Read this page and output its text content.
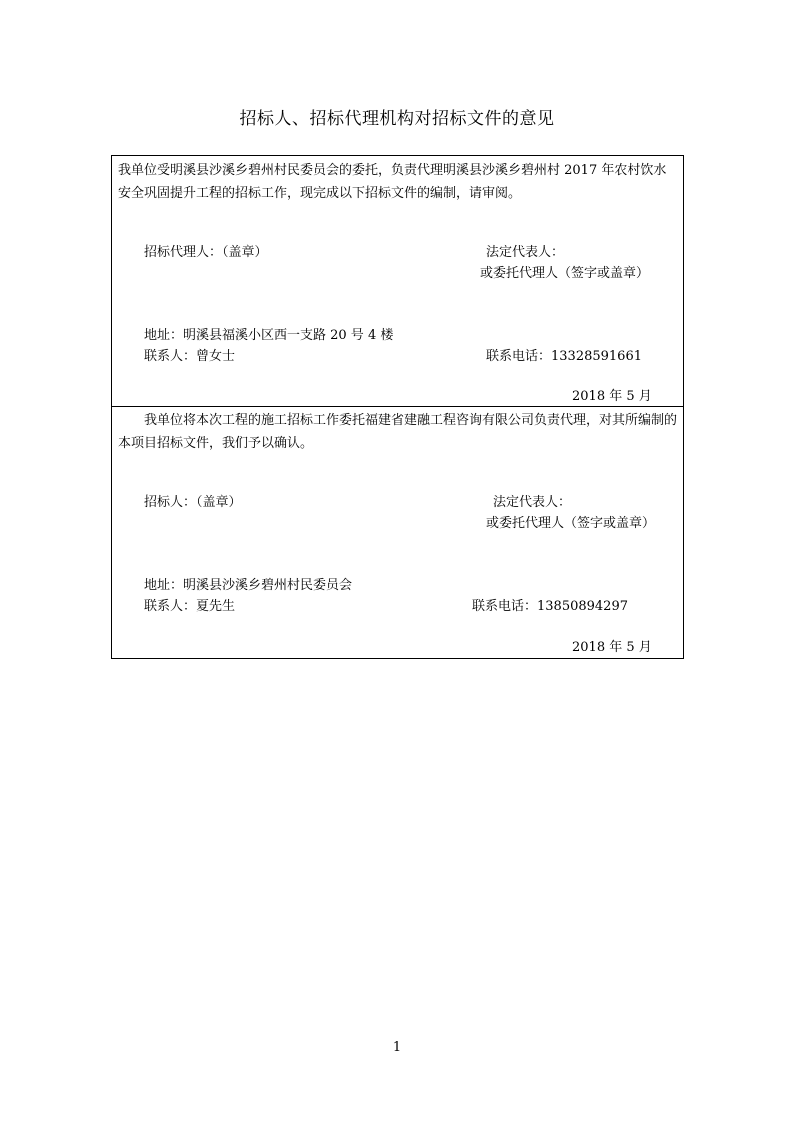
招标人、招标代理机构对招标文件的意见
我单位受明溪县沙溪乡碧州村民委员会的委托，负责代理明溪县沙溪乡碧州村 2017 年农村饮水安全巩固提升工程的招标工作，现完成以下招标文件的编制，请审阅。
招标代理人：（盖章）	法定代表人：
或委托代理人（签字或盖章）
地址：明溪县福溪小区西一支路 20 号 4 楼
联系人：曾女士	联系电话：13328591661
2018 年 5 月
我单位将本次工程的施工招标工作委托福建省建融工程咨询有限公司负责代理，对其所编制的本项目招标文件，我们予以确认。
招标人：（盖章）	法定代表人：
或委托代理人（签字或盖章）
地址：明溪县沙溪乡碧州村民委员会
联系人：夏先生	联系电话：13850894297
2018 年 5 月
1
